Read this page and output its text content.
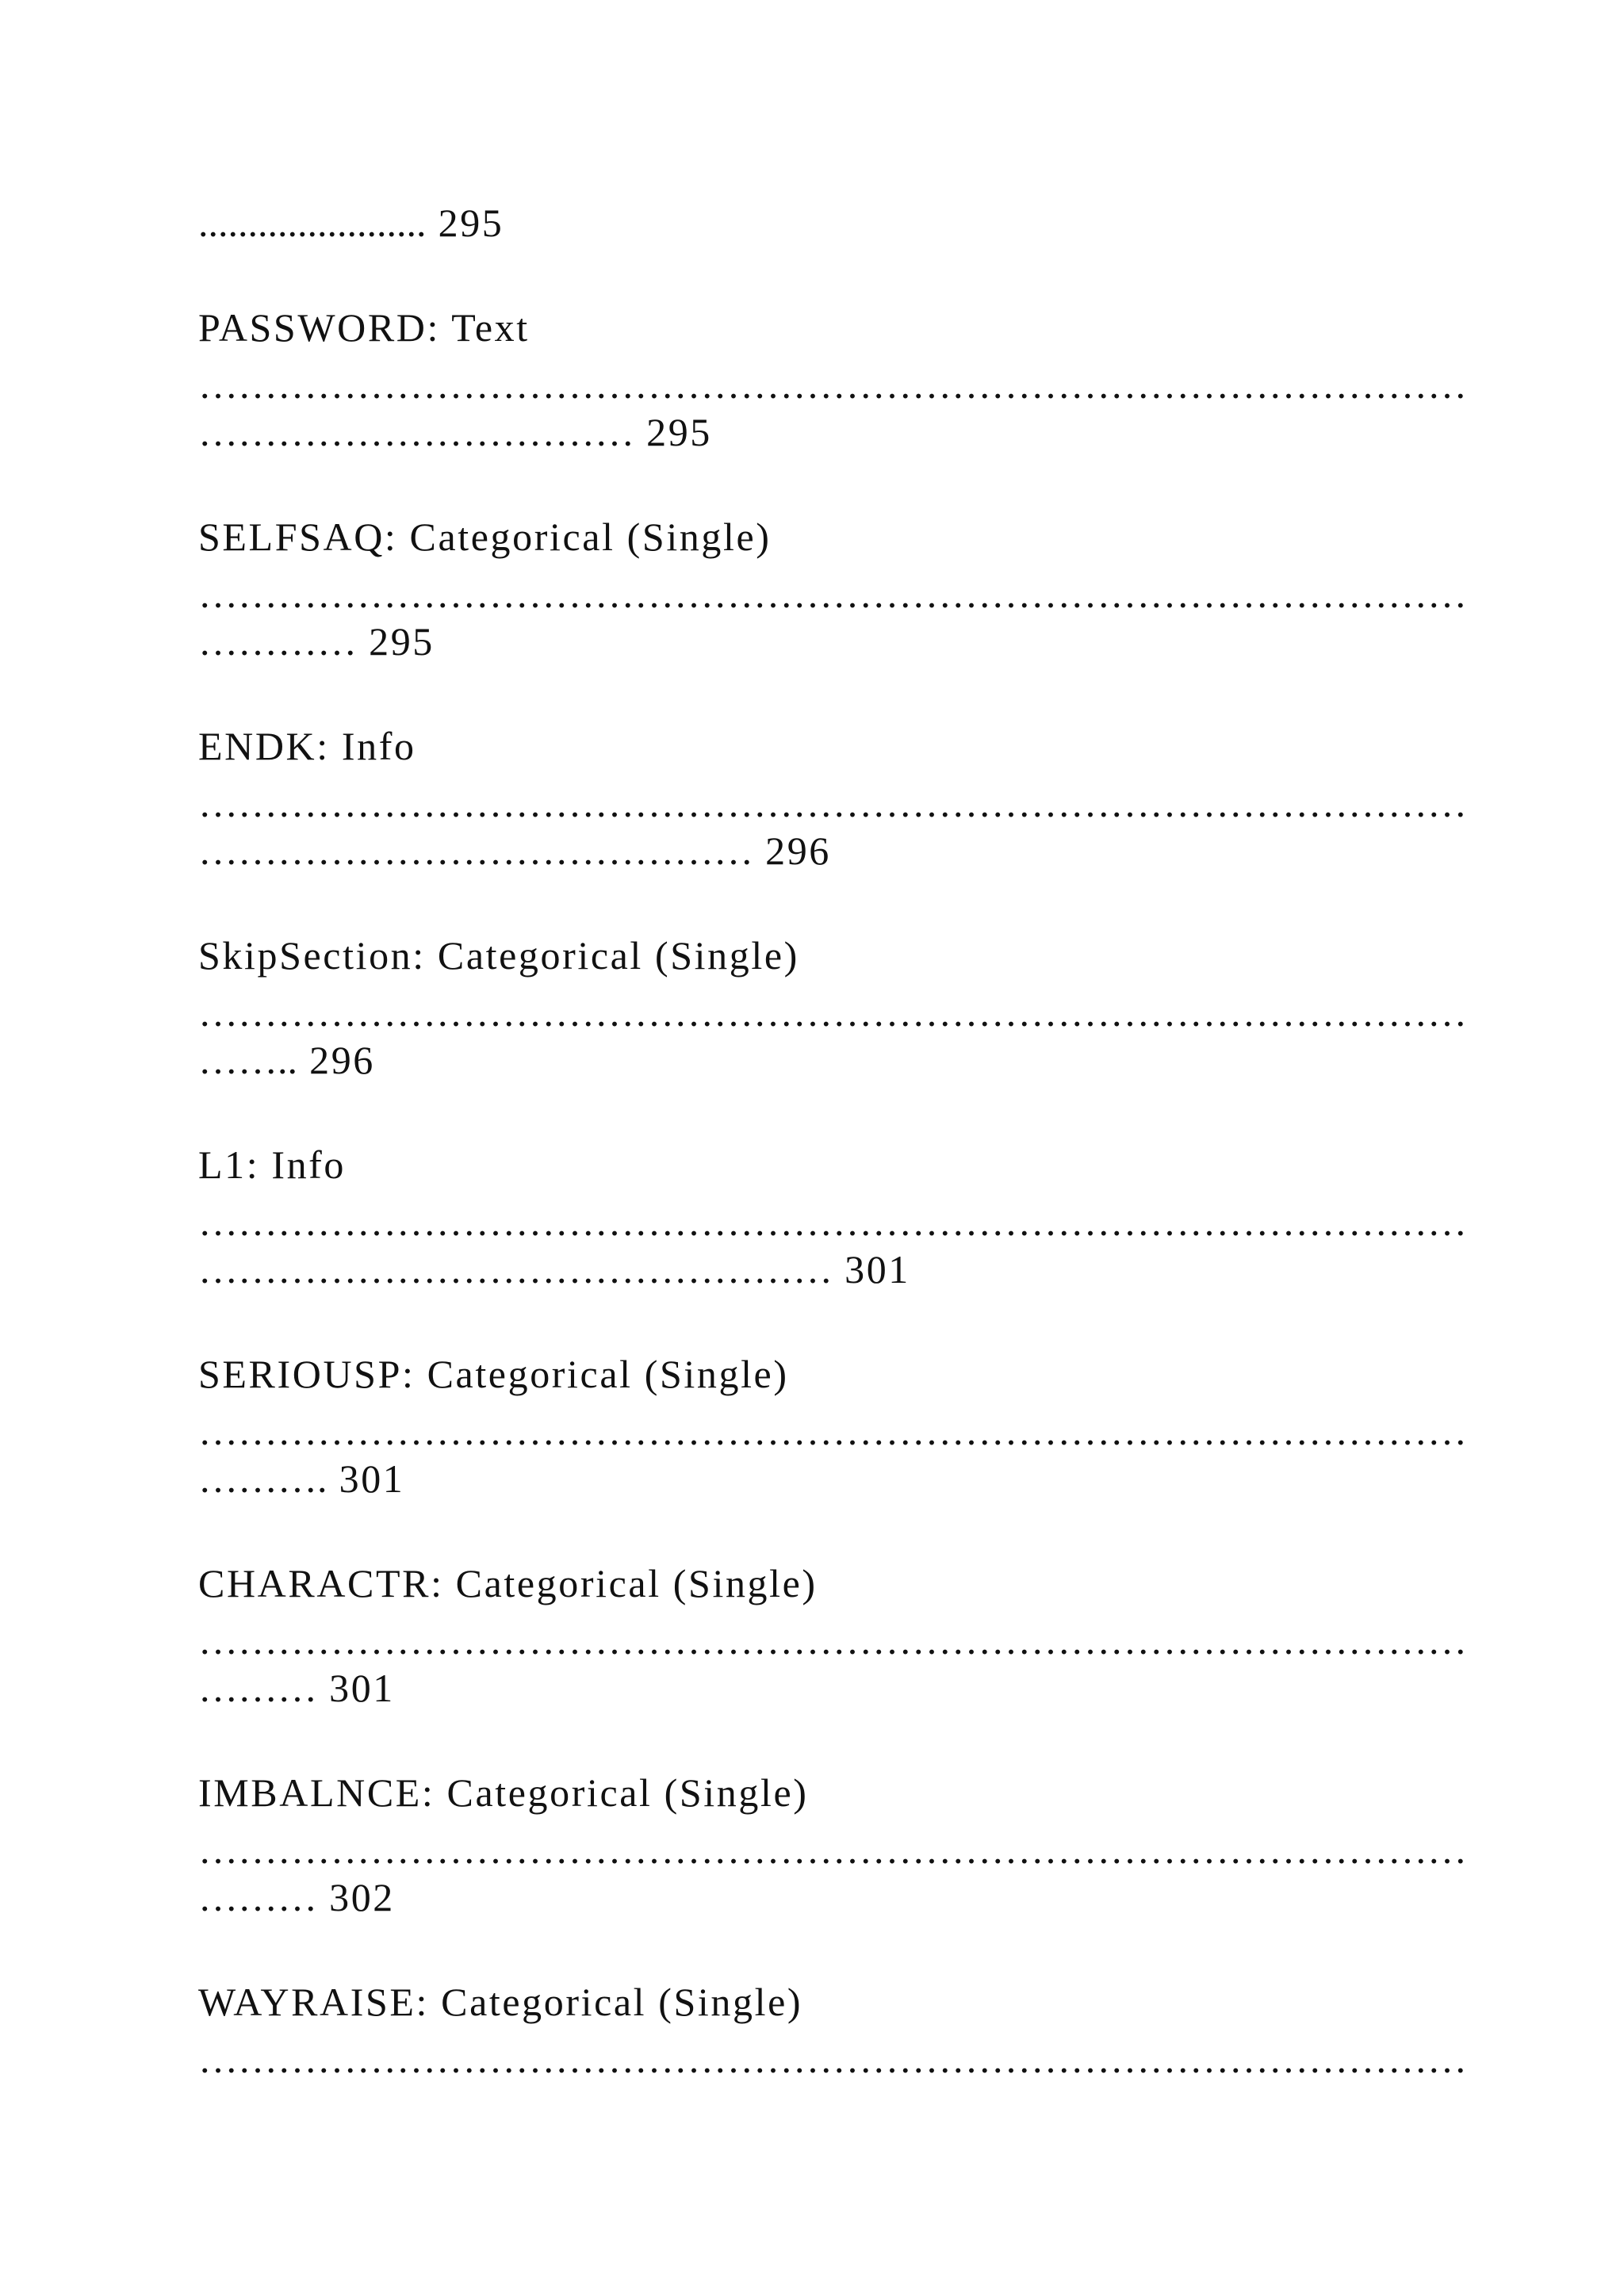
....................... 295
PASSWORD: Text
……………………………………………………………………………………
…………………………… 295
SELFSAQ: Categorical (Single)
……………………………………………………………………………………
………… 295
ENDK: Info
……………………………………………………………………………………
…………………………………… 296
SkipSection: Categorical (Single)
……………………………………………………………………………………
…….. 296
L1: Info
……………………………………………………………………………………
………………………………………… 301
SERIOUSP: Categorical (Single)
……………………………………………………………………………………
………. 301
CHARACTR: Categorical (Single)
……………………………………………………………………………………
……… 301
IMBALNCE: Categorical (Single)
……………………………………………………………………………………
……… 302
WAYRAISE: Categorical (Single)
……………………………………………………………………………………
